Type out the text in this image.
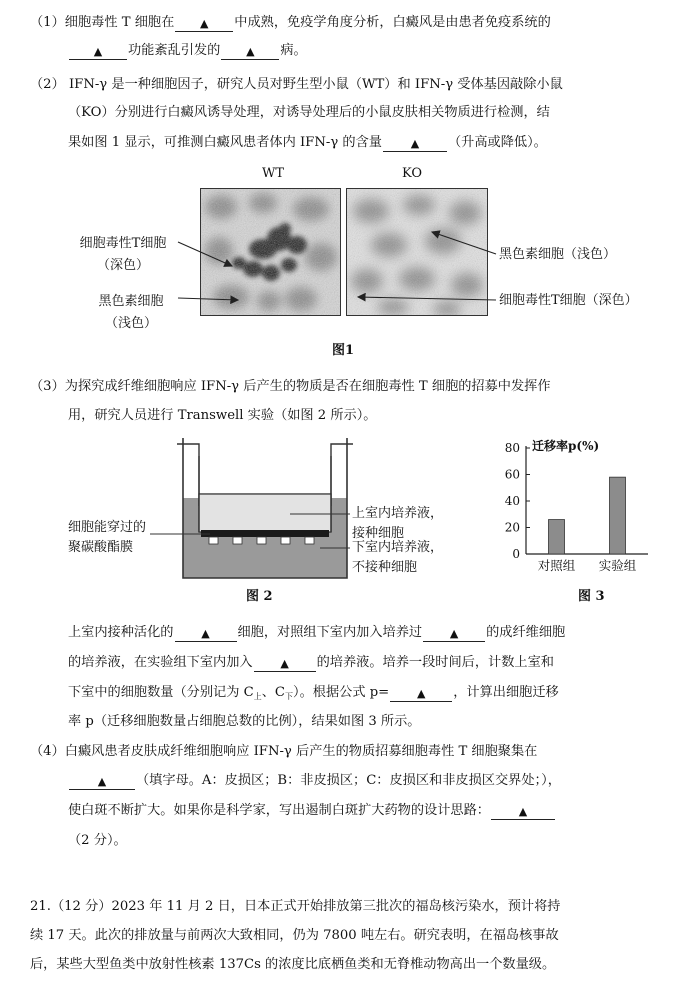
（1）细胞毒性 T 细胞在 ▲ 中成熟，免疫学角度分析，白癜风是由患者免疫系统的
▲ 功能紊乱引发的 ▲ 病。
（2） IFN-γ 是一种细胞因子，研究人员对野生型小鼠（WT）和 IFN-γ 受体基因敲除小鼠
（KO）分别进行白癜风诱导处理，对诱导处理后的小鼠皮肤相关物质进行检测，结
果如图 1 显示，可推测白癜风患者体内 IFN-γ 的含量	▲ （升高或降低）。
WT	KO
细胞毒性T细胞
（深色）
黑色素细胞
（浅色）
黑色素细胞（浅色）
细胞毒性T细胞（深色）
图1
（3）为探究成纤维细胞响应 IFN-γ 后产生的物质是否在细胞毒性 T 细胞的招募中发挥作
用，研究人员进行 Transwell 实验（如图 2 所示）。
上室内培养液，
接种细胞
细胞能穿过的
聚碳酸酯膜	下室内培养液，
不接种细胞
图 2
0
20
40
60
80 迁移率p(%)
对照组 实验组
图 3
上室内接种活化的	▲ 细胞，对照组下室内加入培养过	▲ 的成纤维细胞
的培养液，在实验组下室内加入	▲ 的培养液。培养一段时间后，计数上室和
下室中的细胞数量（分别记为 $C_上$、$C_下$）。根据公式 p=	▲ ，计算出细胞迁移
率 p（迁移细胞数量占细胞总数的比例），结果如图 3 所示。
（4）白癜风患者皮肤成纤维细胞响应 IFN-γ 后产生的物质招募细胞毒性 T 细胞聚集在
▲ （填字母。A：皮损区；B：非皮损区；C：皮损区和非皮损区交界处；），
使白斑不断扩大。如果你是科学家，写出遏制白斑扩大药物的设计思路：	▲
（2 分）。
21.（12 分）2023 年 11 月 2 日，日本正式开始排放第三批次的福岛核污染水，预计将持
续 17 天。此次的排放量与前两次大致相同，仍为 7800 吨左右。研究表明，在福岛核事故
后，某些大型鱼类中放射性核素 137Cs 的浓度比底栖鱼类和无脊椎动物高出一个数量级。
